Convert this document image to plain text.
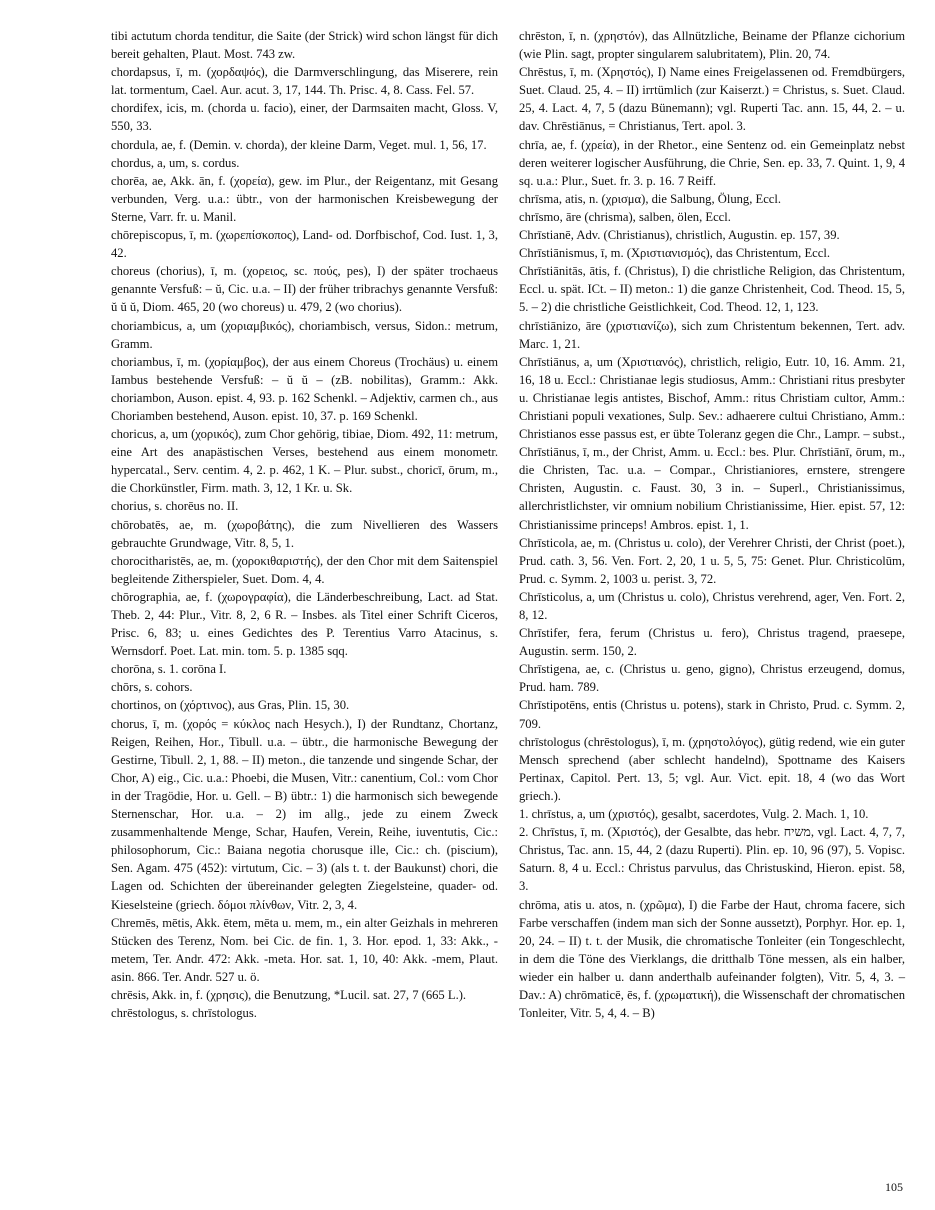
tibi actutum chorda tenditur, die Saite (der Strick) wird schon längst für dich bereit gehalten, Plaut. Most. 743 zw.

chordapsus, ī, m. (χορδαψός), die Darmverschlingung, das Miserere, rein lat. tormentum, Cael. Aur. acut. 3, 17, 144. Th. Prisc. 4, 8. Cass. Fel. 57.

chordifex, icis, m. (chorda u. facio), einer, der Darmsaiten macht, Gloss. V, 550, 33.

chordula, ae, f. (Demin. v. chorda), der kleine Darm, Veget. mul. 1, 56, 17.

chordus, a, um, s. cordus.

chorēa, ae, Akk. ān, f. (χορεία), gew. im Plur., der Reigentanz, mit Gesang verbunden, Verg. u.a.: übtr., von der harmonischen Kreisbewegung der Sterne, Varr. fr. u. Manil.

chōrepiscopus, ī, m. (χωρεπίσκοπος), Land- od. Dorfbischof, Cod. Iust. 1, 3, 42.

choreus (chorius), ī, m. (χορειος, sc. πούς, pes), I) der später trochaeus genannte Versfuß: – ŭ, Cic. u.a. – II) der früher tribrachys genannte Versfuß: ŭ ŭ ŭ, Diom. 465, 20 (wo choreus) u. 479, 2 (wo chorius).

choriambicus, a, um (χοριαμβικός), choriambisch, versus, Sidon.: metrum, Gramm.

choriambus, ī, m. (χορίαμβος), der aus einem Choreus (Trochäus) u. einem Iambus bestehende Versfuß: – ŭ ŭ – (zB. nobilitas), Gramm.: Akk. choriambon, Auson. epist. 4, 93. p. 162 Schenkl. – Adjektiv, carmen ch., aus Choriamben bestehend, Auson. epist. 10, 37. p. 169 Schenkl.

choricus, a, um (χορικός), zum Chor gehörig, tibiae, Diom. 492, 11: metrum, eine Art des anapästischen Verses, bestehend aus einem monometr. hypercatal., Serv. centim. 4, 2. p. 462, 1 K. – Plur. subst., choricī, ōrum, m., die Chorkünstler, Firm. math. 3, 12, 1 Kr. u. Sk.

chorius, s. chorēus no. II.

chōrobatēs, ae, m. (χωροβάτης), die zum Nivellieren des Wassers gebrauchte Grundwage, Vitr. 8, 5, 1.

chorocitharistēs, ae, m. (χοροκιθαριστής), der den Chor mit dem Saitenspiel begleitende Zitherspieler, Suet. Dom. 4, 4.

chōrographia, ae, f. (χωρογραφία), die Länderbeschreibung, Lact. ad Stat. Theb. 2, 44: Plur., Vitr. 8, 2, 6 R. – Insbes. als Titel einer Schrift Ciceros, Prisc. 6, 83; u. eines Gedichtes des P. Terentius Varro Atacinus, s. Wernsdorf. Poet. Lat. min. tom. 5. p. 1385 sqq.

chorōna, s. 1. corōna I.

chōrs, s. cohors.

chortinos, on (χόρτινος), aus Gras, Plin. 15, 30.

chorus, ī, m. (χορός = κύκλος nach Hesych.), I) der Rundtanz, Chortanz, Reigen, Reihen, Hor., Tibull. u.a. – übtr., die harmonische Bewegung der Gestirne, Tibull. 2, 1, 88. – II) meton., die tanzende und singende Schar, der Chor, A) eig., Cic. u.a.: Phoebi, die Musen, Vitr.: canentium, Col.: vom Chor in der Tragödie, Hor. u. Gell. – B) übtr.: 1) die harmonisch sich bewegende Sternenschar, Hor. u.a. – 2) im allg., jede zu einem Zweck zusammenhaltende Menge, Schar, Haufen, Verein, Reihe, iuventutis, Cic.: philosophorum, Cic.: Baiana negotia chorusque ille, Cic.: ch. (piscium), Sen. Agam. 475 (452): virtutum, Cic. – 3) (als t. t. der Baukunst) chori, die Lagen od. Schichten der übereinander gelegten Ziegelsteine, quader- od. Kieselsteine (griech. δόμοι πλίνθων, Vitr. 2, 3, 4.

Chremēs, mētis, Akk. ētem, mēta u. mem, m., ein alter Geizhals in mehreren Stücken des Terenz, Nom. bei Cic. de fin. 1, 3. Hor. epod. 1, 33: Akk., -metem, Ter. Andr. 472: Akk. -meta. Hor. sat. 1, 10, 40: Akk. -mem, Plaut. asin. 866. Ter. Andr. 527 u. ö.

chrēsis, Akk. in, f. (χρησις), die Benutzung, *Lucil. sat. 27, 7 (665 L.).

chrēstologus, s. chrīstologus.

chrēston, ī, n. (χρηστόν), das Allnützliche, Beiname der Pflanze cichorium (wie Plin. sagt, propter singularem salubritatem), Plin. 20, 74.

Chrēstus, ī, m. (Χρηστός), I) Name eines Freigelassenen od. Fremdbürgers, Suet. Claud. 25, 4. – II) irrtümlich (zur Kaiserzt.) = Christus, s. Suet. Claud. 25, 4. Lact. 4, 7, 5 (dazu Bünemann); vgl. Ruperti Tac. ann. 15, 44, 2. – u. dav. Chrēstiānus, = Christianus, Tert. apol. 3.

chrīa, ae, f. (χρεία), in der Rhetor., eine Sentenz od. ein Gemeinplatz nebst deren weiterer logischer Ausführung, die Chrie, Sen. ep. 33, 7. Quint. 1, 9, 4 sq. u.a.: Plur., Suet. fr. 3. p. 16. 7 Reiff.

chrīsma, atis, n. (χρισμα), die Salbung, Ölung, Eccl.

chrīsmo, āre (chrisma), salben, ölen, Eccl.

Chrīstianē, Adv. (Christianus), christlich, Augustin. ep. 157, 39.

Chrīstiānismus, ī, m. (Χριστιανισμός), das Christentum, Eccl.

Chrīstiānitās, ātis, f. (Christus), I) die christliche Religion, das Christentum, Eccl. u. spät. ICt. – II) meton.: 1) die ganze Christenheit, Cod. Theod. 15, 5, 5. – 2) die christliche Geistlichkeit, Cod. Theod. 12, 1, 123.

chrīstiānizo, āre (χριστιανίζω), sich zum Christentum bekennen, Tert. adv. Marc. 1, 21.

Chrīstiānus, a, um (Χριστιανός), christlich, religio, Eutr. 10, 16. Amm. 21, 16, 18 u. Eccl.: Christianae legis studiosus, Amm.: Christiani ritus presbyter u. Christianae legis antistes, Bischof, Amm.: ritus Christiam cultor, Amm.: Christiani populi vexationes, Sulp. Sev.: adhaerere cultui Christiano, Amm.: Christianos esse passus est, er übte Toleranz gegen die Chr., Lampr. – subst., Chrīstiānus, ī, m., der Christ, Amm. u. Eccl.: bes. Plur. Chrīstiānī, ōrum, m., die Christen, Tac. u.a. – Compar., Christianiores, ernstere, strengere Christen, Augustin. c. Faust. 30, 3 in. – Superl., Christianissimus, allerchristlichster, vir omnium nobilium Christianissime, Hier. epist. 57, 12: Christianissime princeps! Ambros. epist. 1, 1.

Chrīsticola, ae, m. (Christus u. colo), der Verehrer Christi, der Christ (poet.), Prud. cath. 3, 56. Ven. Fort. 2, 20, 1 u. 5, 5, 75: Genet. Plur. Christicolūm, Prud. c. Symm. 2, 1003 u. perist. 3, 72.

Chrīsticolus, a, um (Christus u. colo), Christus verehrend, ager, Ven. Fort. 2, 8, 12.

Chrīstifer, fera, ferum (Christus u. fero), Christus tragend, praesepe, Augustin. serm. 150, 2.

Chrīstigena, ae, c. (Christus u. geno, gigno), Christus erzeugend, domus, Prud. ham. 789.

Chrīstipotēns, entis (Christus u. potens), stark in Christo, Prud. c. Symm. 2, 709.

chrīstologus (chrēstologus), ī, m. (χρηστολόγος), gütig redend, wie ein guter Mensch sprechend (aber schlecht handelnd), Spottname des Kaisers Pertinax, Capitol. Pert. 13, 5; vgl. Aur. Vict. epit. 18, 4 (wo das Wort griech.).

1. chrīstus, a, um (χριστός), gesalbt, sacerdotes, Vulg. 2. Mach. 1, 10.

2. Chrīstus, ī, m. (Χριστός), der Gesalbte, das hebr. משיח, vgl. Lact. 4, 7, 7, Christus, Tac. ann. 15, 44, 2 (dazu Ruperti). Plin. ep. 10, 96 (97), 5. Vopisc. Saturn. 8, 4 u. Eccl.: Christus parvulus, das Christuskind, Hieron. epist. 58, 3.

chrōma, atis u. atos, n. (χρῶμα), I) die Farbe der Haut, chroma facere, sich Farbe verschaffen (indem man sich der Sonne aussetzt), Porphyr. Hor. ep. 1, 20, 24. – II) t. t. der Musik, die chromatische Tonleiter (ein Tongeschlecht, in dem die Töne des Vierklangs, die dritthalb Töne messen, als ein halber, wieder ein halber u. dann anderthalb aufeinander folgten), Vitr. 5, 4, 3. – Dav.: A) chrōmaticē, ēs, f. (χρωματική), die Wissenschaft der chromatischen Tonleiter, Vitr. 5, 4, 4. – B)

105
